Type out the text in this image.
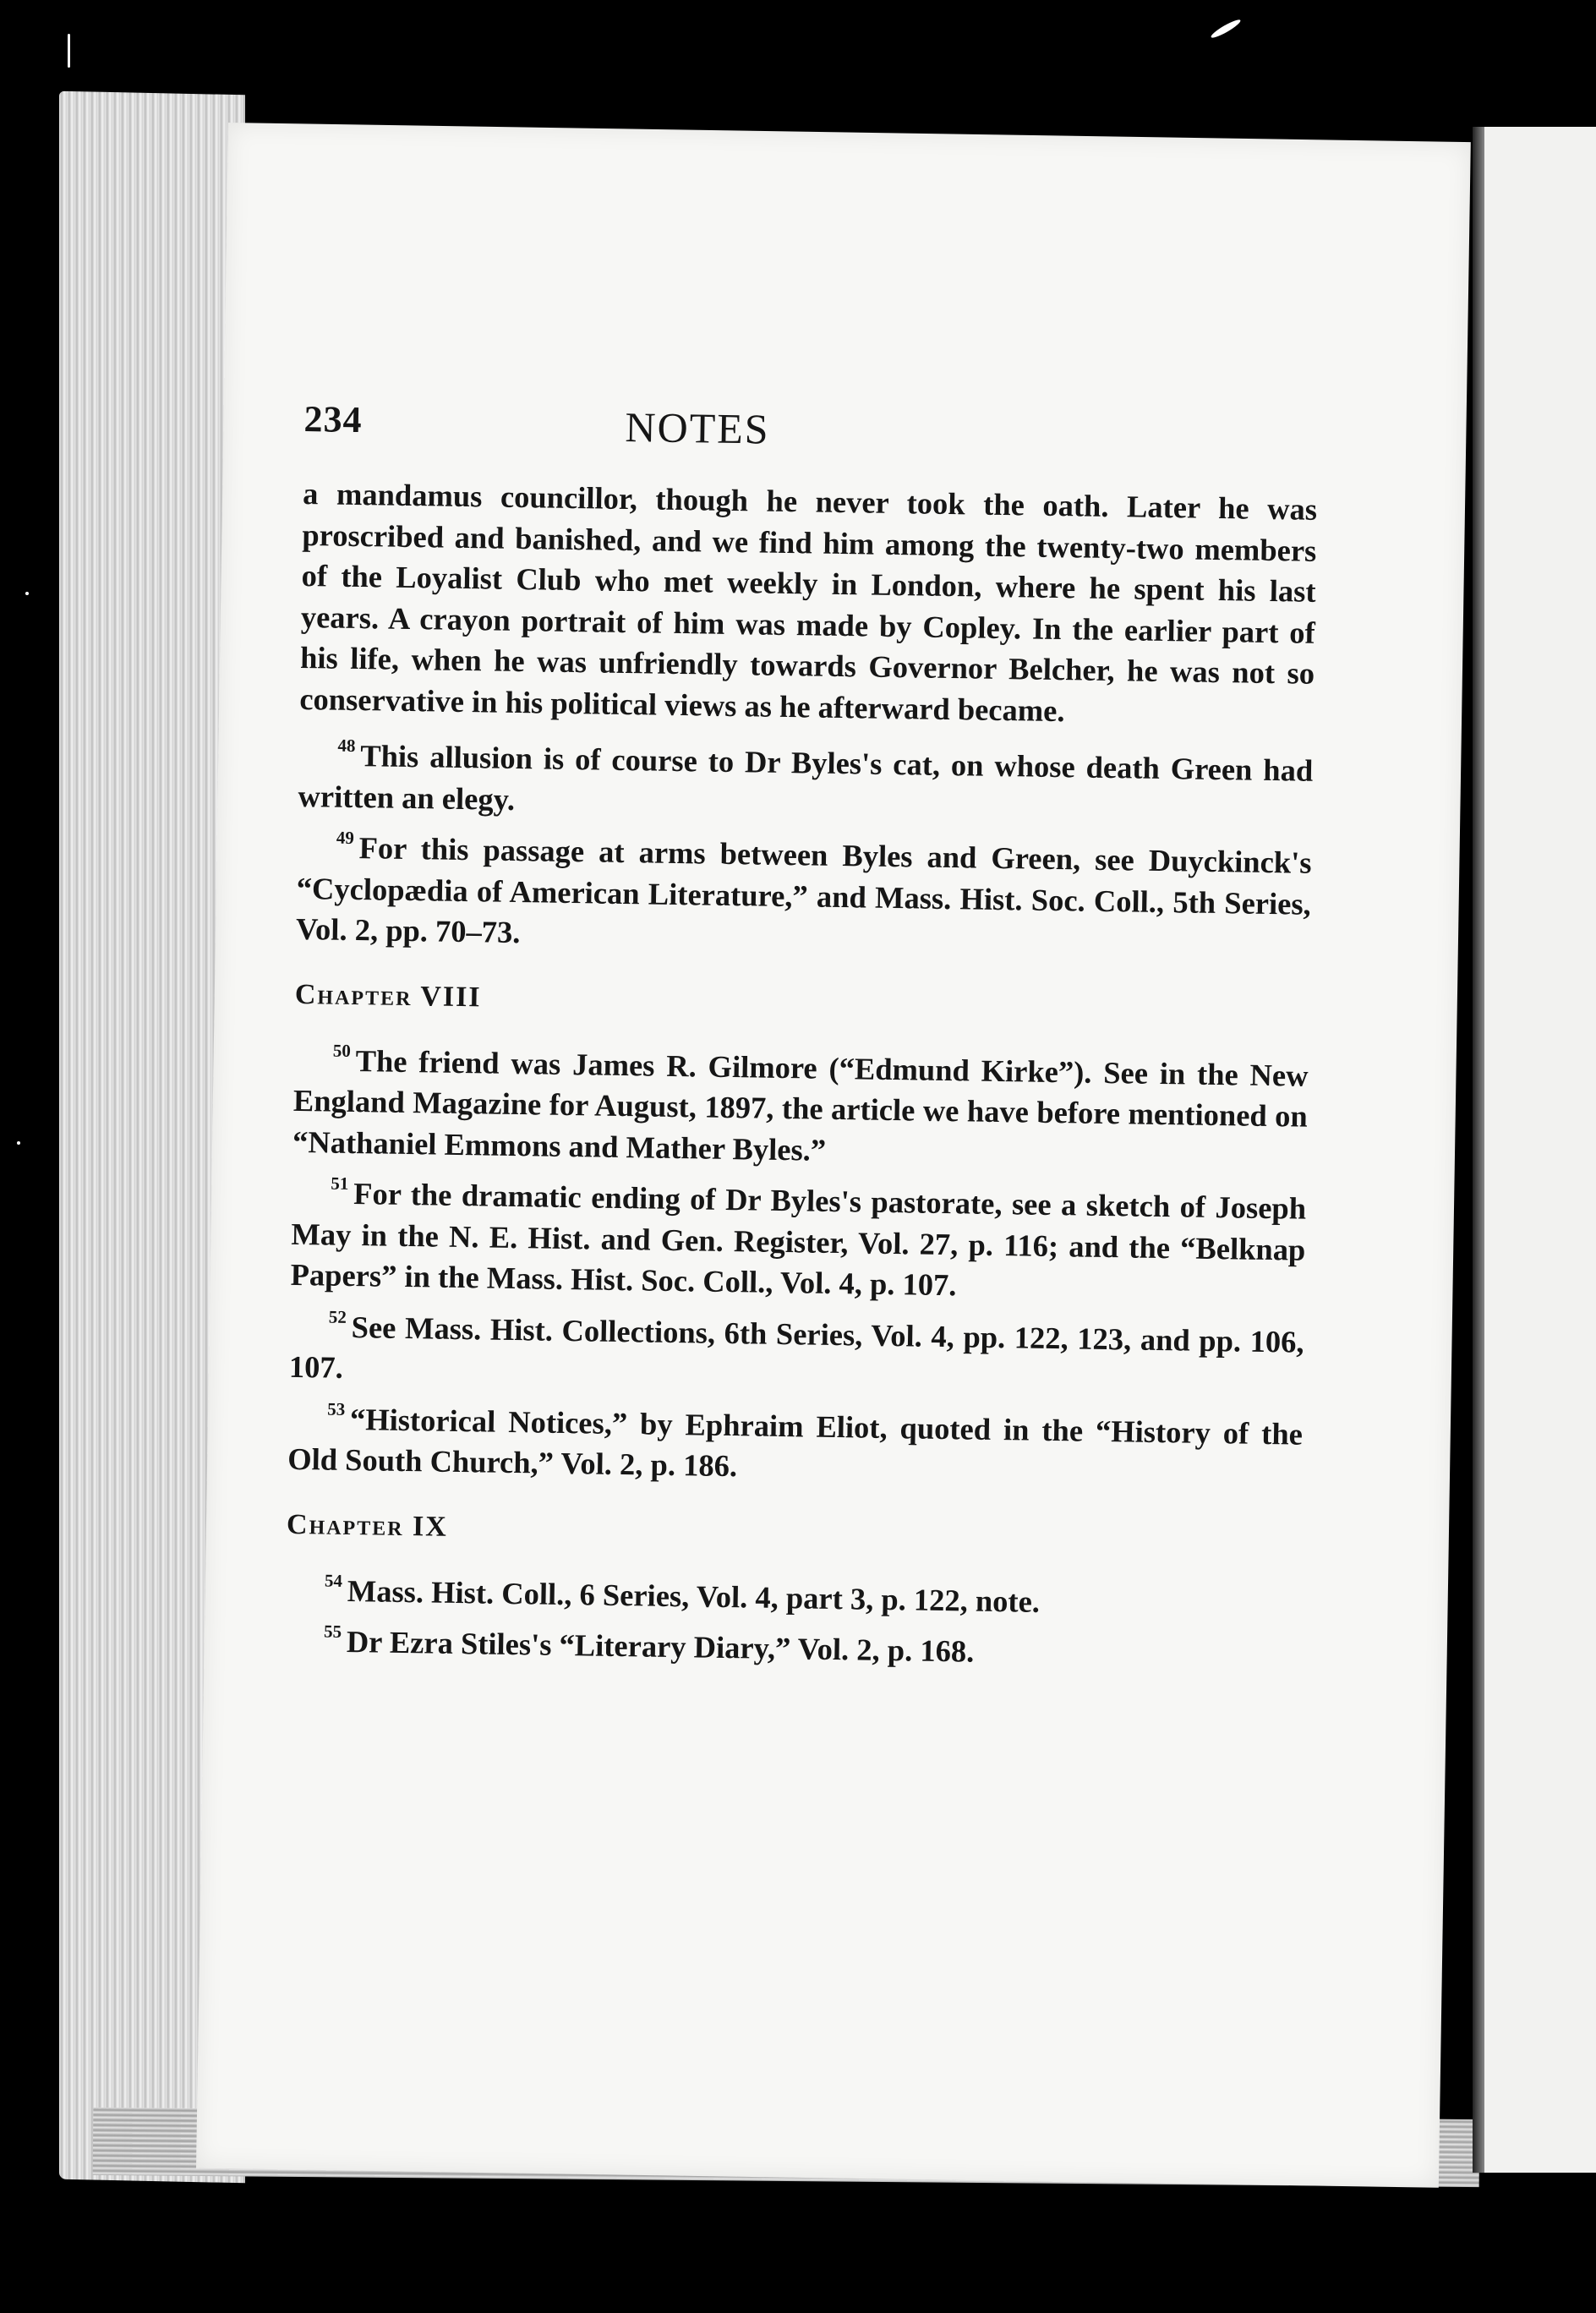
234	NOTES

a mandamus councillor, though he never took the oath. Later he was proscribed and banished, and we find him among the twenty-two members of the Loyalist Club who met weekly in London, where he spent his last years. A crayon portrait of him was made by Copley. In the earlier part of his life, when he was unfriendly towards Governor Belcher, he was not so conservative in his political views as he afterward became.

$^{48}$ This allusion is of course to Dr Byles's cat, on whose death Green had written an elegy.

$^{49}$ For this passage at arms between Byles and Green, see Duyckinck's “Cyclopædia of American Literature,” and Mass. Hist. Soc. Coll., 5th Series, Vol. 2, pp. 70–73.

Chapter VIII

$^{50}$ The friend was James R. Gilmore (“Edmund Kirke”). See in the New England Magazine for August, 1897, the article we have before mentioned on “Nathaniel Emmons and Mather Byles.”

$^{51}$ For the dramatic ending of Dr Byles's pastorate, see a sketch of Joseph May in the N. E. Hist. and Gen. Register, Vol. 27, p. 116; and the “Belknap Papers” in the Mass. Hist. Soc. Coll., Vol. 4, p. 107.

$^{52}$ See Mass. Hist. Collections, 6th Series, Vol. 4, pp. 122, 123, and pp. 106, 107.

$^{53}$ “Historical Notices,” by Ephraim Eliot, quoted in the “History of the Old South Church,” Vol. 2, p. 186.

Chapter IX

$^{54}$ Mass. Hist. Coll., 6 Series, Vol. 4, part 3, p. 122, note.

$^{55}$ Dr Ezra Stiles's “Literary Diary,” Vol. 2, p. 168.
